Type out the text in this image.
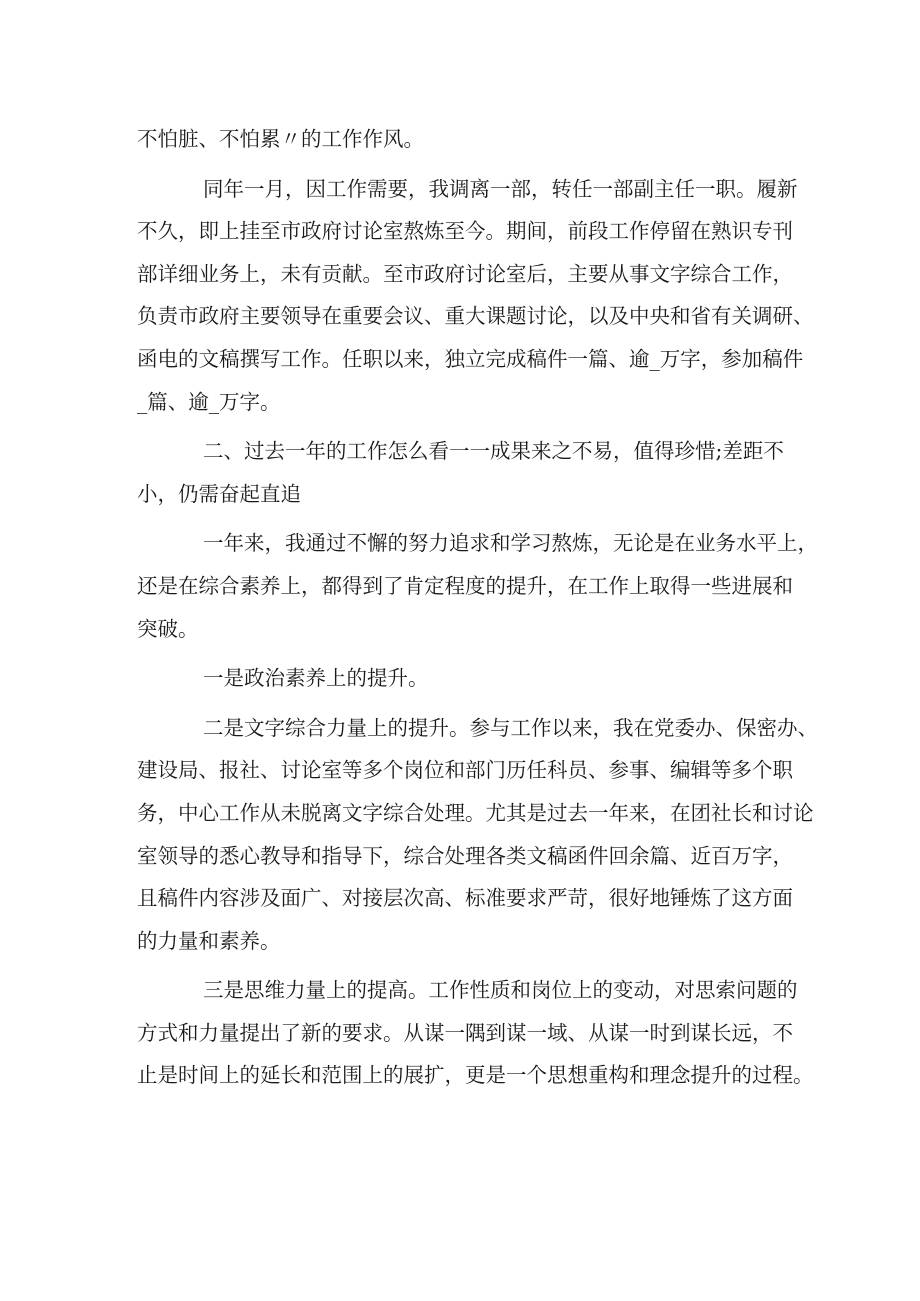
不怕脏、不怕累〃的工作作风。
同年一月，因工作需要，我调离一部，转任一部副主任一职。履新
不久，即上挂至市政府讨论室熬炼至今。期间，前段工作停留在熟识专刊
部详细业务上，未有贡献。至市政府讨论室后，主要从事文字综合工作，
负责市政府主要领导在重要会议、重大课题讨论，以及中央和省有关调研、
函电的文稿撰写工作。任职以来，独立完成稿件一篇、逾_万字，参加稿件
_篇、逾_万字。
二、过去一年的工作怎么看一一成果来之不易，值得珍惜;差距不
小，仍需奋起直追
一年来，我通过不懈的努力追求和学习熬炼，无论是在业务水平上，
还是在综合素养上，都得到了肯定程度的提升，在工作上取得一些进展和
突破。
一是政治素养上的提升。
二是文字综合力量上的提升。参与工作以来，我在党委办、保密办、
建设局、报社、讨论室等多个岗位和部门历任科员、参事、编辑等多个职
务，中心工作从未脱离文字综合处理。尤其是过去一年来，在团社长和讨论
室领导的悉心教导和指导下，综合处理各类文稿函件回余篇、近百万字，
且稿件内容涉及面广、对接层次高、标准要求严苛，很好地锤炼了这方面
的力量和素养。
三是思维力量上的提高。工作性质和岗位上的变动，对思索问题的
方式和力量提出了新的要求。从谋一隅到谋一域、从谋一时到谋长远，不
止是时间上的延长和范围上的展扩，更是一个思想重构和理念提升的过程。
